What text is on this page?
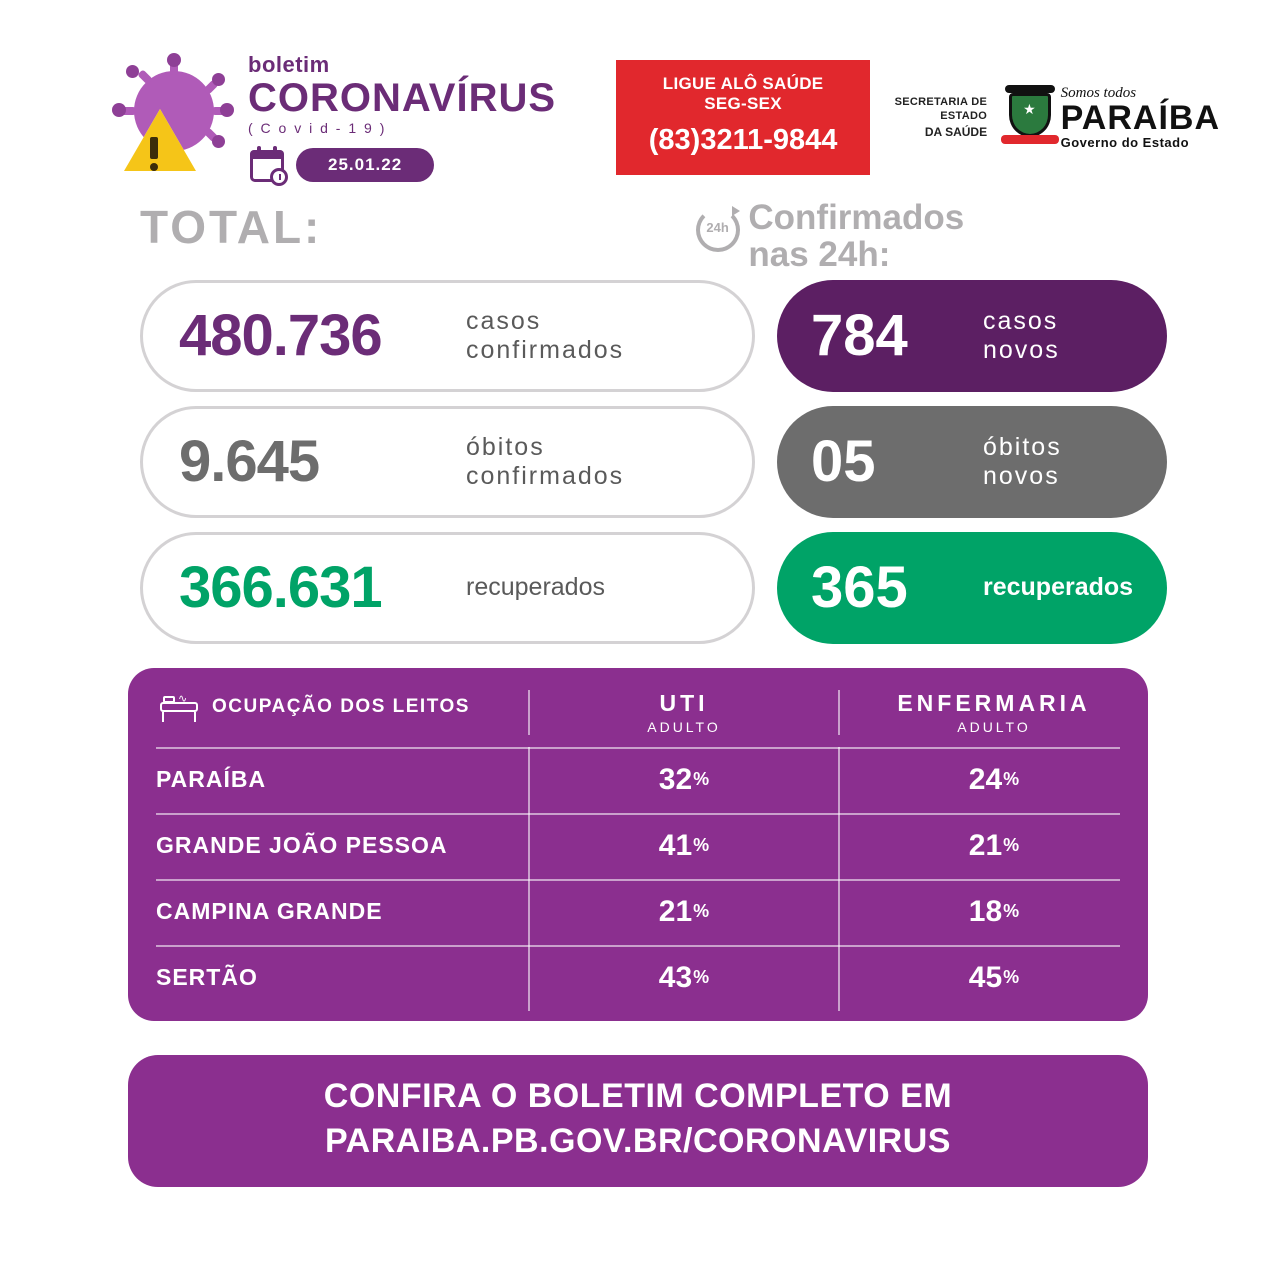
boletim
CORONAVÍRUS
( C o v i d - 1 9 )
25.01.22
LIGUE ALÔ SAÚDE SEG-SEX
(83)3211-9844
SECRETARIA DE ESTADO
DA SAÚDE
★
Somos todos
PARAÍBA
Governo do Estado
TOTAL:	24h Confirmados
nas 24h:
480.736	casos
confirmados	784	casos
novos
9.645	óbitos
confirmados	05	óbitos
novos
366.631	recuperados	365	recuperados
∿ OCUPAÇÃO DOS LEITOS	UTI
ADULTO
ENFERMARIA
ADULTO
PARAÍBA	32 %	24 %
GRANDE JOÃO PESSOA	41 %	21 %
CAMPINA GRANDE	21 %	18 %
SERTÃO	43 %	45 %
CONFIRA O BOLETIM COMPLETO EM
PARAIBA.PB.GOV.BR/CORONAVIRUS
